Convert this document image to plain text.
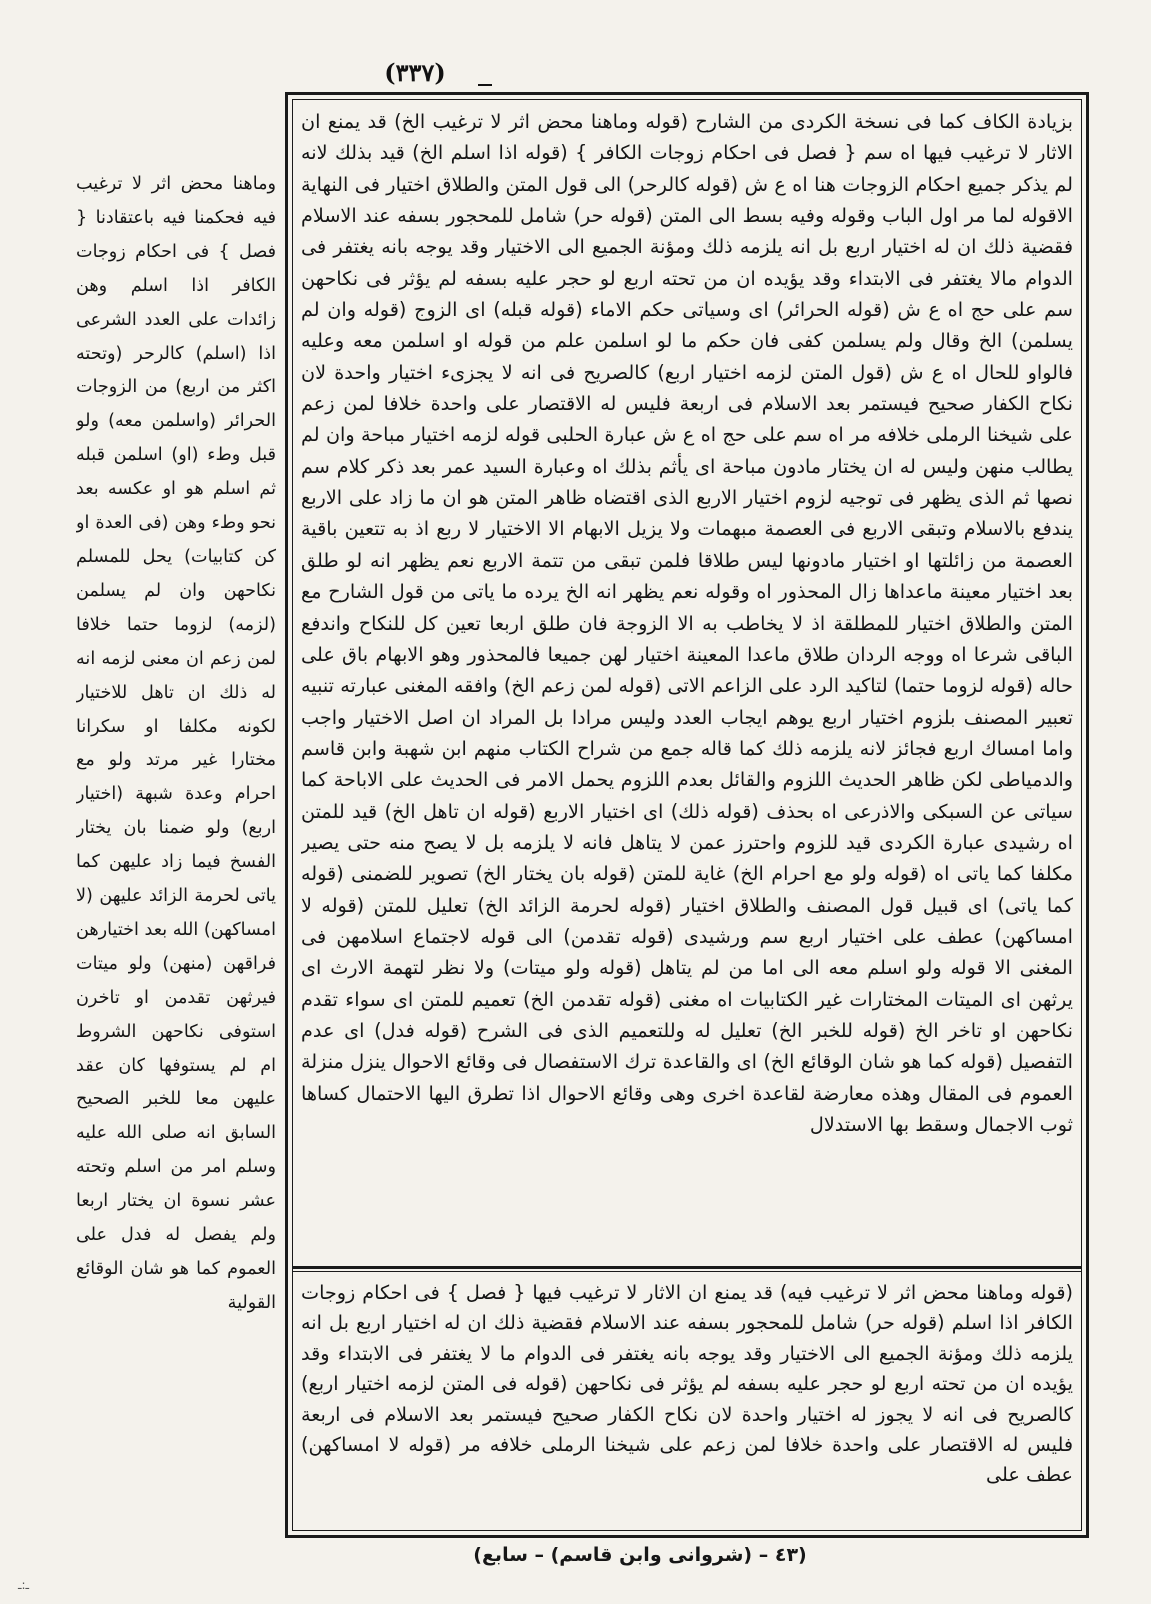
(٣٣٧)
بزيادة الكاف كما فى نسخة الكردى من الشارح (قوله وماهنا محض اثر لا ترغيب الخ) قد يمنع ان الاثار لا ترغيب فيها اه سم { فصل فى احكام زوجات الكافر } (قوله اذا اسلم الخ) قيد بذلك لانه لم يذكر جميع احكام الزوجات هنا اه ع ش (قوله كالرحر) الى قول المتن والطلاق اختيار فى النهاية الاقوله لما مر اول الباب وقوله وفيه بسط الى المتن (قوله حر) شامل للمحجور بسفه عند الاسلام فقضية ذلك ان له اختيار اربع بل انه يلزمه ذلك ومؤنة الجميع الى الاختيار وقد يوجه بانه يغتفر فى الدوام مالا يغتفر فى الابتداء وقد يؤيده ان من تحته اربع لو حجر عليه بسفه لم يؤثر فى نكاحهن سم على حج اه ع ش (قوله الحرائر) اى وسياتى حكم الاماء (قوله قبله) اى الزوج (قوله وان لم يسلمن) الخ وقال ولم يسلمن كفى فان حكم ما لو اسلمن علم من قوله او اسلمن معه وعليه فالواو للحال اه ع ش (قول المتن لزمه اختيار اربع) كالصريح فى انه لا يجزىء اختيار واحدة لان نكاح الكفار صحيح فيستمر بعد الاسلام فى اربعة فليس له الاقتصار على واحدة خلافا لمن زعم على شيخنا الرملى خلافه مر اه سم على حج اه ع ش عبارة الحلبى قوله لزمه اختيار مباحة وان لم يطالب منهن وليس له ان يختار مادون مباحة اى يأثم بذلك اه وعبارة السيد عمر بعد ذكر كلام سم نصها ثم الذى يظهر فى توجيه لزوم اختيار الاربع الذى اقتضاه ظاهر المتن هو ان ما زاد على الاربع يندفع بالاسلام وتبقى الاربع فى العصمة مبهمات ولا يزيل الابهام الا الاختيار لا ربع اذ به تتعين باقية العصمة من زائلتها او اختيار مادونها ليس طلاقا فلمن تبقى من تتمة الاربع نعم يظهر انه لو طلق بعد اختيار معينة ماعداها زال المحذور اه وقوله نعم يظهر انه الخ يرده ما ياتى من قول الشارح مع المتن والطلاق اختيار للمطلقة اذ لا يخاطب به الا الزوجة فان طلق اربعا تعين كل للنكاح واندفع الباقى شرعا اه ووجه الردان طلاق ماعدا المعينة اختيار لهن جميعا فالمحذور وهو الابهام باق على حاله (قوله لزوما حتما) لتاكيد الرد على الزاعم الاتى (قوله لمن زعم الخ) وافقه المغنى عبارته تنبيه تعبير المصنف بلزوم اختيار اربع يوهم ايجاب العدد وليس مرادا بل المراد ان اصل الاختيار واجب واما امساك اربع فجائز لانه يلزمه ذلك كما قاله جمع من شراح الكتاب منهم ابن شهبة وابن قاسم والدمياطى لكن ظاهر الحديث اللزوم والقائل بعدم اللزوم يحمل الامر فى الحديث على الاباحة كما سياتى عن السبكى والاذرعى اه بحذف (قوله ذلك) اى اختيار الاربع (قوله ان تاهل الخ) قيد للمتن اه رشيدى عبارة الكردى قيد للزوم واحترز عمن لا يتاهل فانه لا يلزمه بل لا يصح منه حتى يصير مكلفا كما ياتى اه (قوله ولو مع احرام الخ) غاية للمتن (قوله بان يختار الخ) تصوير للضمنى (قوله كما ياتى) اى قبيل قول المصنف والطلاق اختيار (قوله لحرمة الزائد الخ) تعليل للمتن (قوله لا امساكهن) عطف على اختيار اربع سم ورشيدى (قوله تقدمن) الى قوله لاجتماع اسلامهن فى المغنى الا قوله ولو اسلم معه الى اما من لم يتاهل (قوله ولو ميتات) ولا نظر لتهمة الارث اى يرثهن اى الميتات المختارات غير الكتابيات اه مغنى (قوله تقدمن الخ) تعميم للمتن اى سواء تقدم نكاحهن او تاخر الخ (قوله للخبر الخ) تعليل له وللتعميم الذى فى الشرح (قوله فدل) اى عدم التفصيل (قوله كما هو شان الوقائع الخ) اى والقاعدة ترك الاستفصال فى وقائع الاحوال ينزل منزلة العموم فى المقال وهذه معارضة لقاعدة اخرى وهى وقائع الاحوال اذا تطرق اليها الاحتمال كساها ثوب الاجمال وسقط بها الاستدلال
(قوله وماهنا محض اثر لا ترغيب فيه) قد يمنع ان الاثار لا ترغيب فيها { فصل } فى احكام زوجات الكافر اذا اسلم (قوله حر) شامل للمحجور بسفه عند الاسلام فقضية ذلك ان له اختيار اربع بل انه يلزمه ذلك ومؤنة الجميع الى الاختيار وقد يوجه بانه يغتفر فى الدوام ما لا يغتفر فى الابتداء وقد يؤيده ان من تحته اربع لو حجر عليه بسفه لم يؤثر فى نكاحهن (قوله فى المتن لزمه اختيار اربع) كالصريح فى انه لا يجوز له اختيار واحدة لان نكاح الكفار صحيح فيستمر بعد الاسلام فى اربعة فليس له الاقتصار على واحدة خلافا لمن زعم على شيخنا الرملى خلافه مر (قوله لا امساكهن) عطف على
وماهنا محض اثر لا ترغيب فيه فحكمنا فيه باعتقادنا { فصل } فى احكام زوجات الكافر اذا اسلم وهن زائدات على العدد الشرعى اذا (اسلم) كالرحر (وتحته اكثر من اربع) من الزوجات الحرائر (واسلمن معه) ولو قبل وطء (او) اسلمن قبله ثم اسلم هو او عكسه بعد نحو وطء وهن (فى العدة او كن كتابيات) يحل للمسلم نكاحهن وان لم يسلمن (لزمه) لزوما حتما خلافا لمن زعم ان معنى لزمه انه له ذلك ان تاهل للاختيار لكونه مكلفا او سكرانا مختارا غير مرتد ولو مع احرام وعدة شبهة (اختيار اربع) ولو ضمنا بان يختار الفسخ فيما زاد عليهن كما ياتى لحرمة الزائد عليهن (لا امساكهن) الله بعد اختيارهن فراقهن (منهن) ولو ميتات فيرثهن تقدمن او تاخرن استوفى نكاحهن الشروط ام لم يستوفها كان عقد عليهن معا للخبر الصحيح السابق انه صلى الله عليه وسلم امر من اسلم وتحته عشر نسوة ان يختار اربعا ولم يفصل له فدل على العموم كما هو شان الوقائع القولية
(٤٣ – (شروانى وابن قاسم) – سابع)
ـ:ـ
